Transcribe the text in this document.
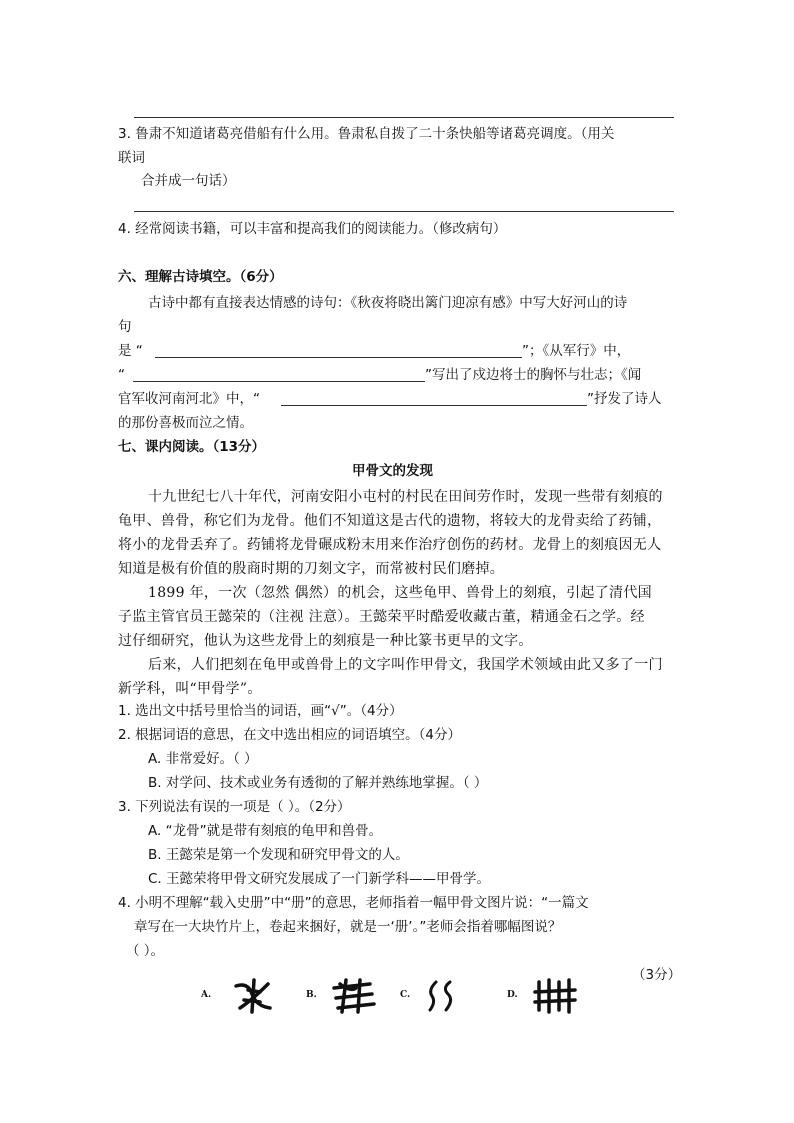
3. 鲁肃不知道诸葛亮借船有什么用。鲁肃私自拨了二十条快船等诸葛亮调度。（用关
联词
合并成一句话）
4. 经常阅读书籍，可以丰富和提高我们的阅读能力。（修改病句）
六、理解古诗填空。（6分）
古诗中都有直接表达情感的诗句：《秋夜将晓出篱门迎凉有感》中写大好河山的诗
句
是 “	”；《从军行》中，
“	”写出了戍边将士的胸怀与壮志；《闻
官军收河南河北》中，“	”抒发了诗人
的那份喜极而泣之情。
七、课内阅读。（13分）
甲骨文的发现
十九世纪七八十年代，河南安阳小屯村的村民在田间劳作时，发现一些带有刻痕的
龟甲、兽骨，称它们为龙骨。他们不知道这是古代的遗物，将较大的龙骨卖给了药铺，
将小的龙骨丢弃了。药铺将龙骨碾成粉末用来作治疗创伤的药材。龙骨上的刻痕因无人
知道是极有价值的殷商时期的刀刻文字，而常被村民们磨掉。
1899 年，一次（忽然 偶然）的机会，这些龟甲、兽骨上的刻痕，引起了清代国
子监主管官员王懿荣的（注视 注意）。王懿荣平时酷爱收藏古董，精通金石之学。经
过仔细研究，他认为这些龙骨上的刻痕是一种比篆书更早的文字。
后来，人们把刻在龟甲或兽骨上的文字叫作甲骨文，我国学术领域由此又多了一门
新学科，叫“甲骨学”。
1. 选出文中括号里恰当的词语，画“√”。（4分）
2. 根据词语的意思，在文中选出相应的词语填空。（4分）
A. 非常爱好。（ ）
B. 对学问、技术或业务有透彻的了解并熟练地掌握。（ ）
3. 下列说法有误的一项是（ ）。（2分）
A. “龙骨”就是带有刻痕的龟甲和兽骨。
B. 王懿荣是第一个发现和研究甲骨文的人。
C. 王懿荣将甲骨文研究发展成了一门新学科——甲骨学。
4. 小明不理解“载入史册”中“册”的意思，老师指着一幅甲骨文图片说：“一篇文
章写在一大块竹片上，卷起来捆好，就是一‘册’。”老师会指着哪幅图说？
（ ）。
（3分）
A.	B.	C.	D.
